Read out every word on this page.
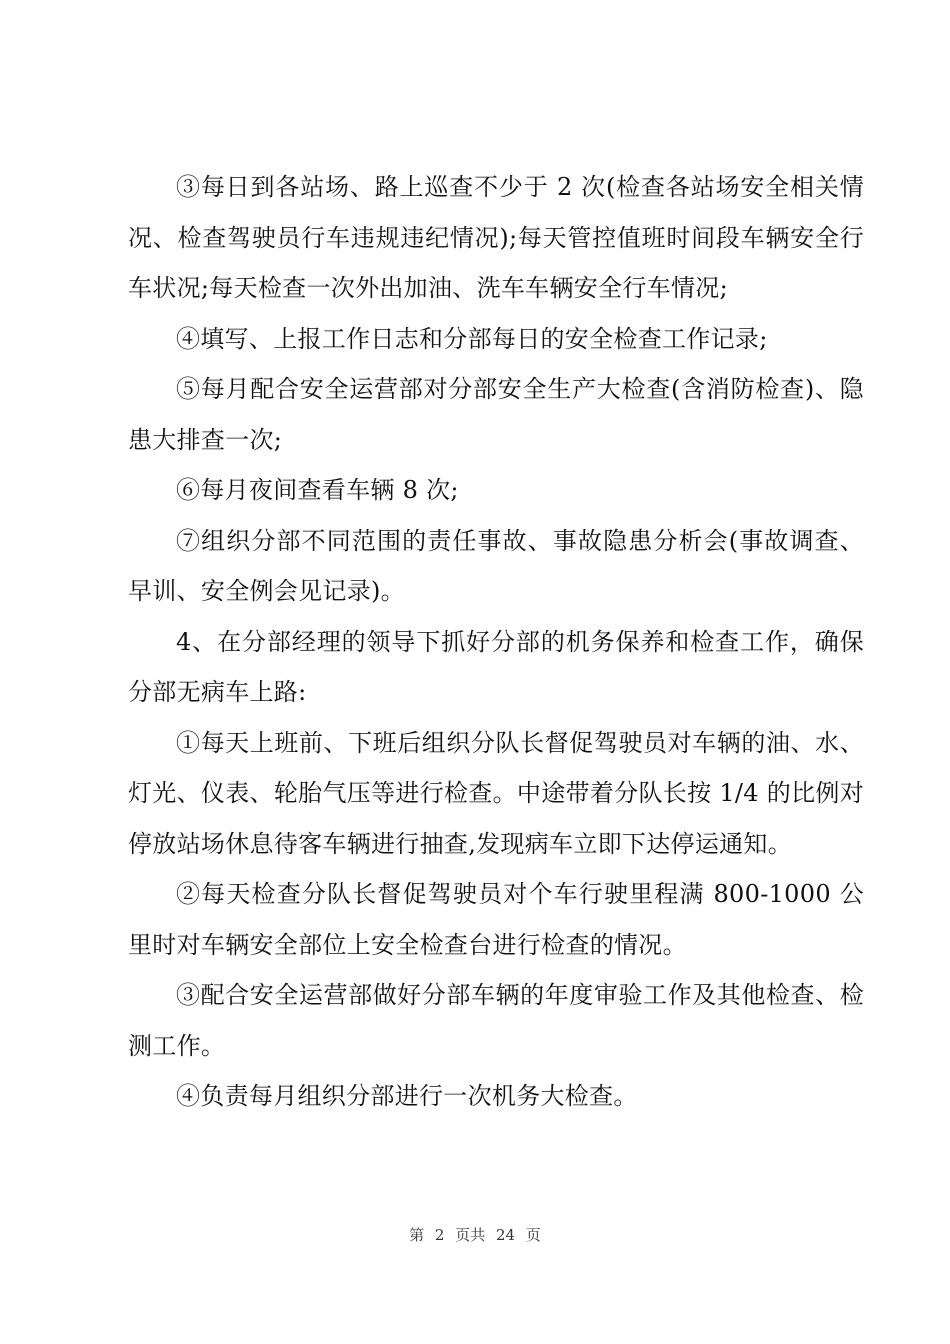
③每日到各站场、路上巡查不少于 2 次(检查各站场安全相关情况、检查驾驶员行车违规违纪情况);每天管控值班时间段车辆安全行车状况;每天检查一次外出加油、洗车车辆安全行车情况;

④填写、上报工作日志和分部每日的安全检查工作记录;

⑤每月配合安全运营部对分部安全生产大检查(含消防检查)、隐患大排查一次;

⑥每月夜间查看车辆 8 次;

⑦组织分部不同范围的责任事故、事故隐患分析会(事故调查、早训、安全例会见记录)。

4、在分部经理的领导下抓好分部的机务保养和检查工作，确保分部无病车上路:

①每天上班前、下班后组织分队长督促驾驶员对车辆的油、水、灯光、仪表、轮胎气压等进行检查。中途带着分队长按 1/4 的比例对停放站场休息待客车辆进行抽查,发现病车立即下达停运通知。

②每天检查分队长督促驾驶员对个车行驶里程满 800-1000 公里时对车辆安全部位上安全检查台进行检查的情况。

③配合安全运营部做好分部车辆的年度审验工作及其他检查、检测工作。

④负责每月组织分部进行一次机务大检查。

第 2 页共 24 页
